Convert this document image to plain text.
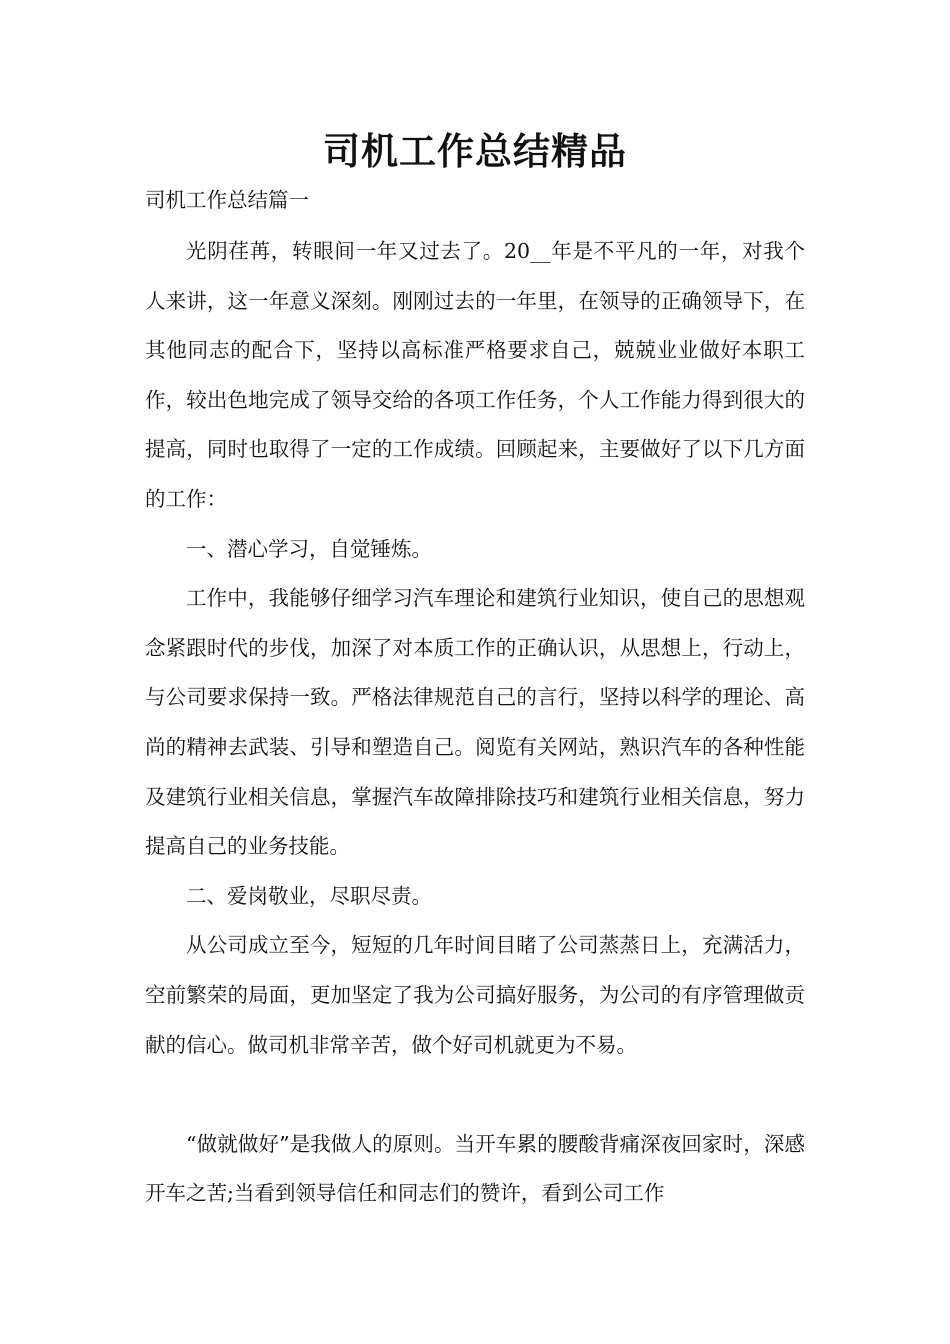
司机工作总结精品

司机工作总结篇一

光阴荏苒，转眼间一年又过去了。20__年是不平凡的一年，对我个人来讲，这一年意义深刻。刚刚过去的一年里，在领导的正确领导下，在其他同志的配合下，坚持以高标准严格要求自己，兢兢业业做好本职工作，较出色地完成了领导交给的各项工作任务，个人工作能力得到很大的提高，同时也取得了一定的工作成绩。回顾起来，主要做好了以下几方面的工作：

一、潜心学习，自觉锤炼。

工作中，我能够仔细学习汽车理论和建筑行业知识，使自己的思想观念紧跟时代的步伐，加深了对本质工作的正确认识，从思想上，行动上，与公司要求保持一致。严格法律规范自己的言行，坚持以科学的理论、高尚的精神去武装、引导和塑造自己。阅览有关网站，熟识汽车的各种性能及建筑行业相关信息，掌握汽车故障排除技巧和建筑行业相关信息，努力提高自己的业务技能。

二、爱岗敬业，尽职尽责。

从公司成立至今，短短的几年时间目睹了公司蒸蒸日上，充满活力，空前繁荣的局面，更加坚定了我为公司搞好服务，为公司的有序管理做贡献的信心。做司机非常辛苦，做个好司机就更为不易。

“做就做好”是我做人的原则。当开车累的腰酸背痛深夜回家时，深感开车之苦;当看到领导信任和同志们的赞许，看到公司工作
